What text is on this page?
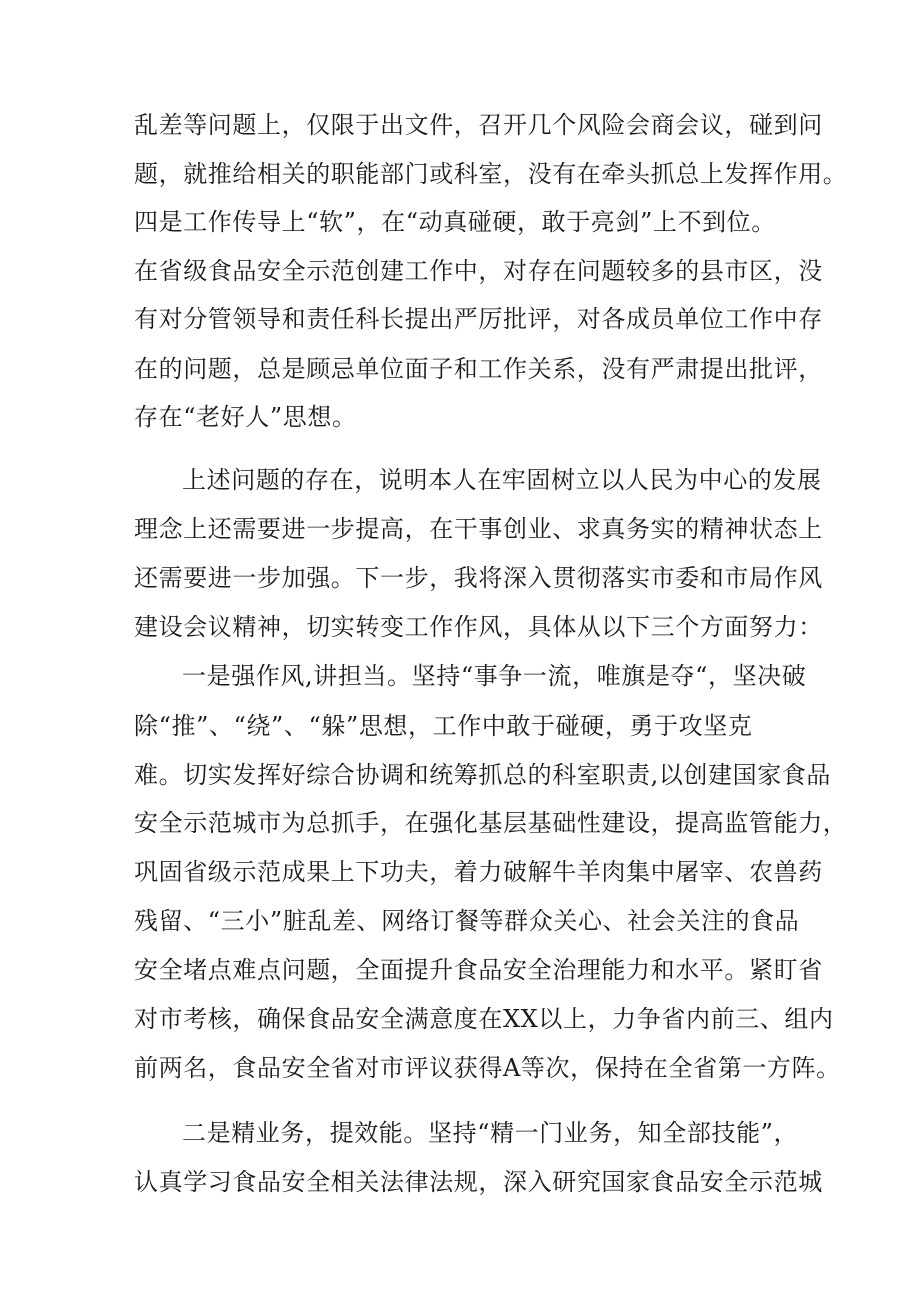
乱差等问题上，仅限于出文件，召开几个风险会商会议，碰到问
题，就推给相关的职能部门或科室，没有在牵头抓总上发挥作用。
四是工作传导上“软”，在“动真碰硬，敢于亮剑”上不到位。
在省级食品安全示范创建工作中，对存在问题较多的县市区，没
有对分管领导和责任科长提出严厉批评，对各成员单位工作中存
在的问题，总是顾忌单位面子和工作关系，没有严肃提出批评，
存在“老好人”思想。
上述问题的存在，说明本人在牢固树立以人民为中心的发展
理念上还需要进一步提高，在干事创业、求真务实的精神状态上
还需要进一步加强。下一步，我将深入贯彻落实市委和市局作风
建设会议精神，切实转变工作作风，具体从以下三个方面努力：
一是强作风,讲担当。坚持“事争一流，唯旗是夺“，坚决破
除“推”、“绕”、“躲”思想，工作中敢于碰硬，勇于攻坚克
难。切实发挥好综合协调和统筹抓总的科室职责,以创建国家食品
安全示范城市为总抓手，在强化基层基础性建设，提高监管能力，
巩固省级示范成果上下功夫，着力破解牛羊肉集中屠宰、农兽药
残留、“三小”脏乱差、网络订餐等群众关心、社会关注的食品
安全堵点难点问题，全面提升食品安全治理能力和水平。紧盯省
对市考核，确保食品安全满意度在XX以上，力争省内前三、组内
前两名，食品安全省对市评议获得A等次，保持在全省第一方阵。
二是精业务，提效能。坚持“精一门业务，知全部技能”，
认真学习食品安全相关法律法规，深入研究国家食品安全示范城
